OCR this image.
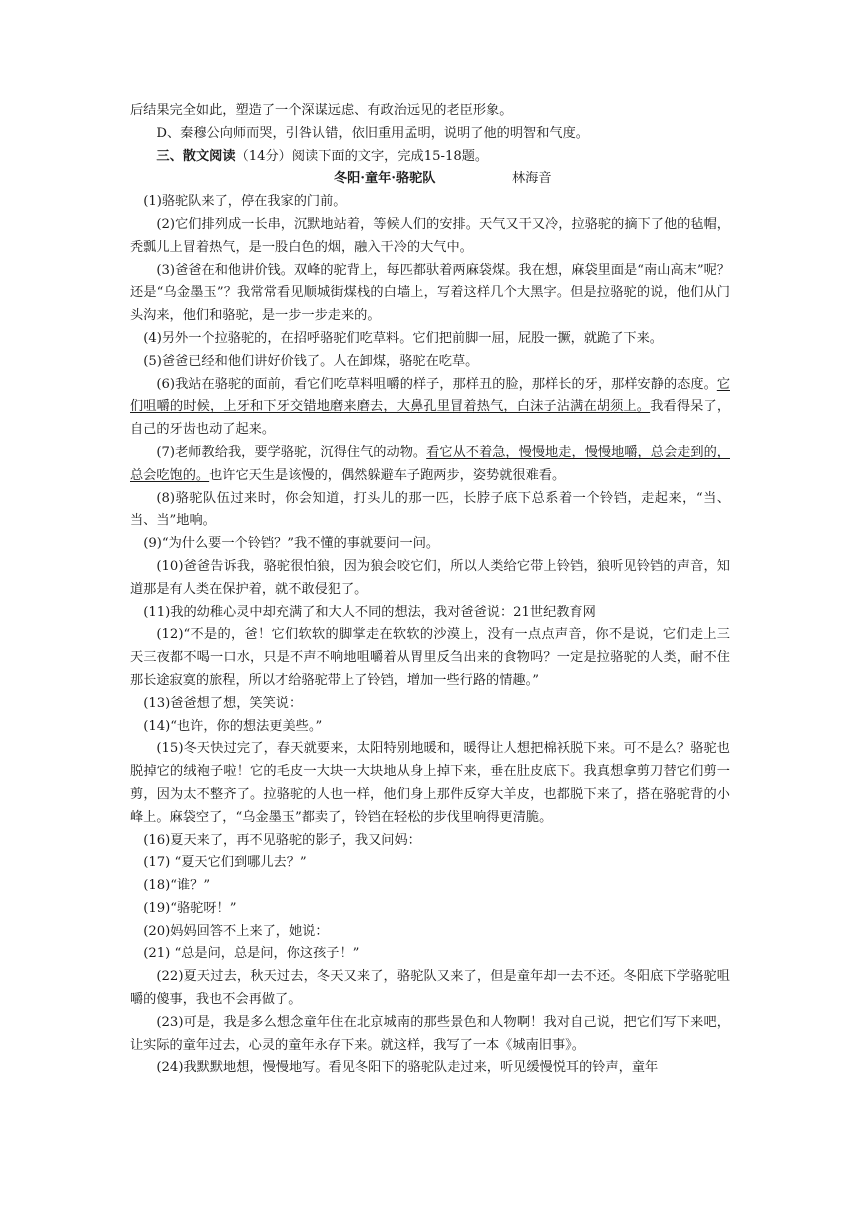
后结果完全如此，塑造了一个深谋远虑、有政治远见的老臣形象。

D、秦穆公向师而哭，引咎认错，依旧重用孟明，说明了他的明智和气度。

三、散文阅读（14分）阅读下面的文字，完成15-18题。

冬阳·童年·骆驼队	林海音

(1)骆驼队来了，停在我家的门前。

(2)它们排列成一长串，沉默地站着，等候人们的安排。天气又干又冷，拉骆驼的摘下了他的毡帽，秃瓢儿上冒着热气，是一股白色的烟，融入干冷的大气中。

(3)爸爸在和他讲价钱。双峰的驼背上，每匹都驮着两麻袋煤。我在想，麻袋里面是“南山高末”呢？还是“乌金墨玉”？我常常看见顺城街煤栈的白墙上，写着这样几个大黑字。但是拉骆驼的说，他们从门头沟来，他们和骆驼，是一步一步走来的。

(4)另外一个拉骆驼的，在招呼骆驼们吃草料。它们把前脚一屈，屁股一撅，就跪了下来。

(5)爸爸已经和他们讲好价钱了。人在卸煤，骆驼在吃草。

(6)我站在骆驼的面前，看它们吃草料咀嚼的样子，那样丑的脸，那样长的牙，那样安静的态度。它们咀嚼的时候，上牙和下牙交错地磨来磨去，大鼻孔里冒着热气，白沫子沾满在胡须上。我看得呆了，自己的牙齿也动了起来。

(7)老师教给我，要学骆驼，沉得住气的动物。看它从不着急，慢慢地走，慢慢地嚼，总会走到的，总会吃饱的。也许它天生是该慢的，偶然躲避车子跑两步，姿势就很难看。

(8)骆驼队伍过来时，你会知道，打头儿的那一匹，长脖子底下总系着一个铃铛，走起来，“当、当、当”地响。

(9)“为什么要一个铃铛？”我不懂的事就要问一问。

(10)爸爸告诉我，骆驼很怕狼，因为狼会咬它们，所以人类给它带上铃铛，狼听见铃铛的声音，知道那是有人类在保护着，就不敢侵犯了。

(11)我的幼稚心灵中却充满了和大人不同的想法，我对爸爸说：21世纪教育网

(12)“不是的，爸！它们软软的脚掌走在软软的沙漠上，没有一点点声音，你不是说，它们走上三天三夜都不喝一口水，只是不声不响地咀嚼着从胃里反刍出来的食物吗？一定是拉骆驼的人类，耐不住那长途寂寞的旅程，所以才给骆驼带上了铃铛，增加一些行路的情趣。”

(13)爸爸想了想，笑笑说：

(14)“也许，你的想法更美些。”

(15)冬天快过完了，春天就要来，太阳特别地暖和，暖得让人想把棉袄脱下来。可不是么？骆驼也脱掉它的绒袍子啦！它的毛皮一大块一大块地从身上掉下来，垂在肚皮底下。我真想拿剪刀替它们剪一剪，因为太不整齐了。拉骆驼的人也一样，他们身上那件反穿大羊皮，也都脱下来了，搭在骆驼背的小峰上。麻袋空了，“乌金墨玉”都卖了，铃铛在轻松的步伐里响得更清脆。

(16)夏天来了，再不见骆驼的影子，我又问妈：

(17) “夏天它们到哪儿去？”

(18)“谁？”

(19)“骆驼呀！”

(20)妈妈回答不上来了，她说：

(21) “总是问，总是问，你这孩子！”

(22)夏天过去，秋天过去，冬天又来了，骆驼队又来了，但是童年却一去不还。冬阳底下学骆驼咀嚼的傻事，我也不会再做了。

(23)可是，我是多么想念童年住在北京城南的那些景色和人物啊！我对自己说，把它们写下来吧，让实际的童年过去，心灵的童年永存下来。就这样，我写了一本《城南旧事》。

(24)我默默地想，慢慢地写。看见冬阳下的骆驼队走过来，听见缓慢悦耳的铃声，童年
